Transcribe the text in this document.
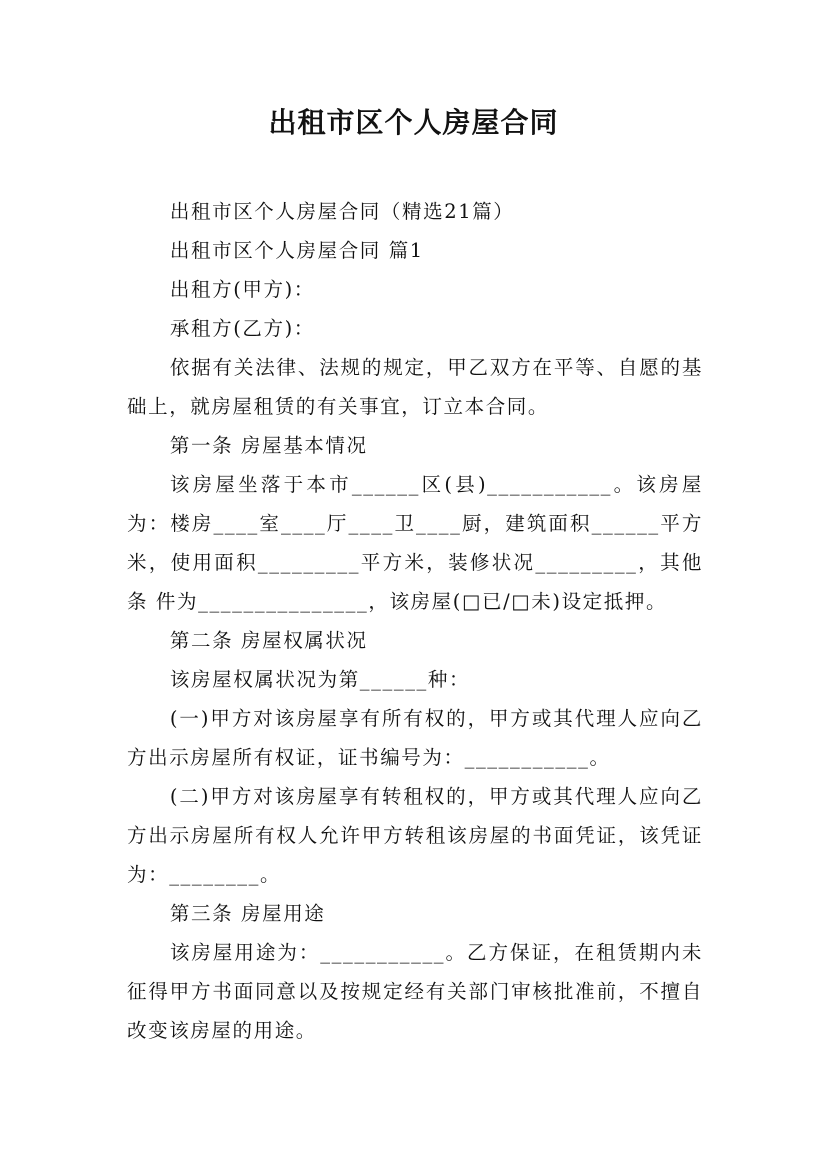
出租市区个人房屋合同

出租市区个人房屋合同（精选21篇）

出租市区个人房屋合同 篇1

出租方(甲方)：

承租方(乙方)：

依据有关法律、法规的规定，甲乙双方在平等、自愿的基础上，就房屋租赁的有关事宜，订立本合同。

第一条 房屋基本情况

该房屋坐落于本市______区(县)___________。该房屋为：楼房____室____厅____卫____厨，建筑面积______平方米，使用面积_________平方米，装修状况_________，其他条 件为_______________，该房屋(□已/□未)设定抵押。

第二条 房屋权属状况

该房屋权属状况为第______种：

(一)甲方对该房屋享有所有权的，甲方或其代理人应向乙方出示房屋所有权证，证书编号为：___________。

(二)甲方对该房屋享有转租权的，甲方或其代理人应向乙方出示房屋所有权人允许甲方转租该房屋的书面凭证，该凭证为：________。

第三条 房屋用途

该房屋用途为：___________。乙方保证，在租赁期内未征得甲方书面同意以及按规定经有关部门审核批准前，不擅自改变该房屋的用途。
